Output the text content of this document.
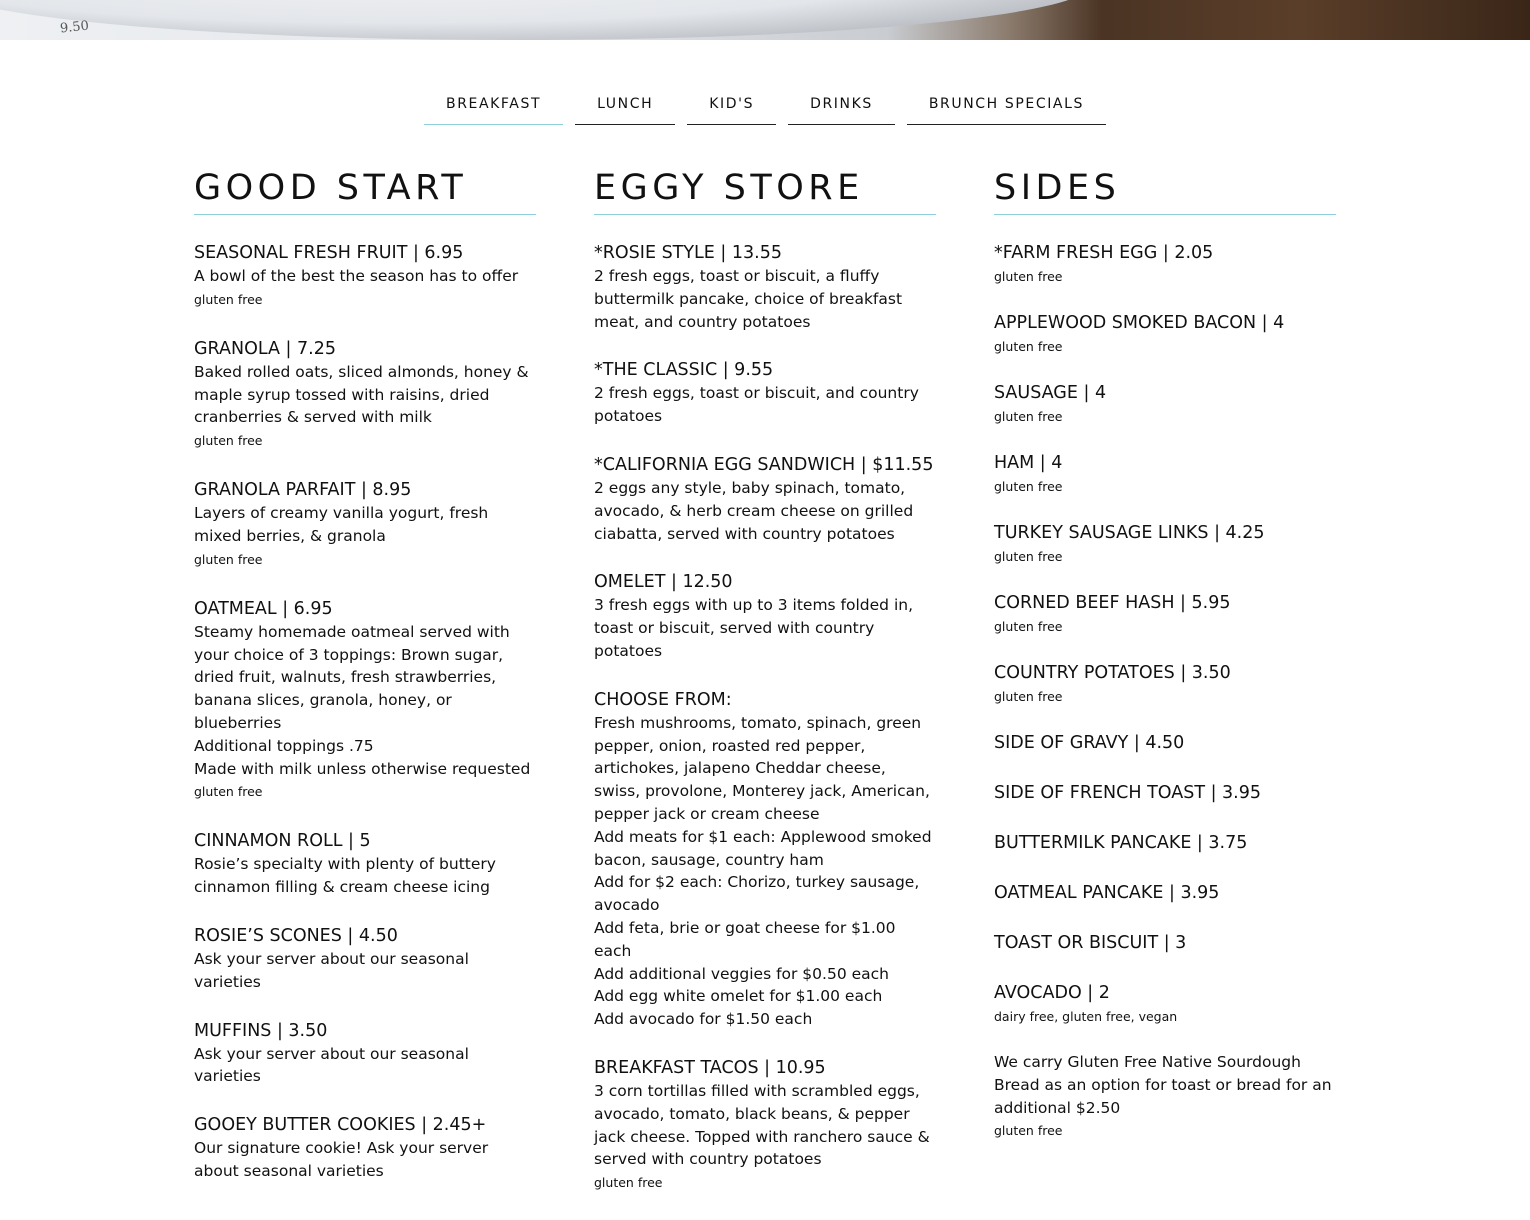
9.50
BREAKFAST	LUNCH	KID'S	DRINKS	BRUNCH SPECIALS
GOOD START
SEASONAL FRESH FRUIT | 6.95
A bowl of the best the season has to offer
gluten free
GRANOLA | 7.25
Baked rolled oats, sliced almonds, honey & maple syrup tossed with raisins, dried cranberries & served with milk
gluten free
GRANOLA PARFAIT | 8.95
Layers of creamy vanilla yogurt, fresh mixed berries, & granola
gluten free
OATMEAL | 6.95
Steamy homemade oatmeal served with your choice of 3 toppings: Brown sugar, dried fruit, walnuts, fresh strawberries, banana slices, granola, honey, or blueberries
Additional toppings .75
Made with milk unless otherwise requested
gluten free
CINNAMON ROLL | 5
Rosie’s specialty with plenty of buttery cinnamon filling & cream cheese icing
ROSIE’S SCONES | 4.50
Ask your server about our seasonal varieties
MUFFINS | 3.50
Ask your server about our seasonal varieties
GOOEY BUTTER COOKIES | 2.45+
Our signature cookie! Ask your server about seasonal varieties
EGGY STORE
*ROSIE STYLE | 13.55
2 fresh eggs, toast or biscuit, a fluffy buttermilk pancake, choice of breakfast meat, and country potatoes
*THE CLASSIC | 9.55
2 fresh eggs, toast or biscuit, and country potatoes
*CALIFORNIA EGG SANDWICH | $11.55
2 eggs any style, baby spinach, tomato, avocado, & herb cream cheese on grilled ciabatta, served with country potatoes
OMELET | 12.50
3 fresh eggs with up to 3 items folded in, toast or biscuit, served with country potatoes
CHOOSE FROM:
Fresh mushrooms, tomato, spinach, green pepper, onion, roasted red pepper, artichokes, jalapeno Cheddar cheese, swiss, provolone, Monterey jack, American, pepper jack or cream cheese
Add meats for $1 each: Applewood smoked bacon, sausage, country ham
Add for $2 each: Chorizo, turkey sausage, avocado
Add feta, brie or goat cheese for $1.00 each
Add additional veggies for $0.50 each
Add egg white omelet for $1.00 each
Add avocado for $1.50 each
BREAKFAST TACOS | 10.95
3 corn tortillas filled with scrambled eggs, avocado, tomato, black beans, & pepper jack cheese. Topped with ranchero sauce & served with country potatoes
gluten free
SIDES
*FARM FRESH EGG | 2.05
gluten free
APPLEWOOD SMOKED BACON | 4
gluten free
SAUSAGE | 4
gluten free
HAM | 4
gluten free
TURKEY SAUSAGE LINKS | 4.25
gluten free
CORNED BEEF HASH | 5.95
gluten free
COUNTRY POTATOES | 3.50
gluten free
SIDE OF GRAVY | 4.50
SIDE OF FRENCH TOAST | 3.95
BUTTERMILK PANCAKE | 3.75
OATMEAL PANCAKE | 3.95
TOAST OR BISCUIT | 3
AVOCADO | 2
dairy free, gluten free, vegan
We carry Gluten Free Native Sourdough Bread as an option for toast or bread for an additional $2.50
gluten free
